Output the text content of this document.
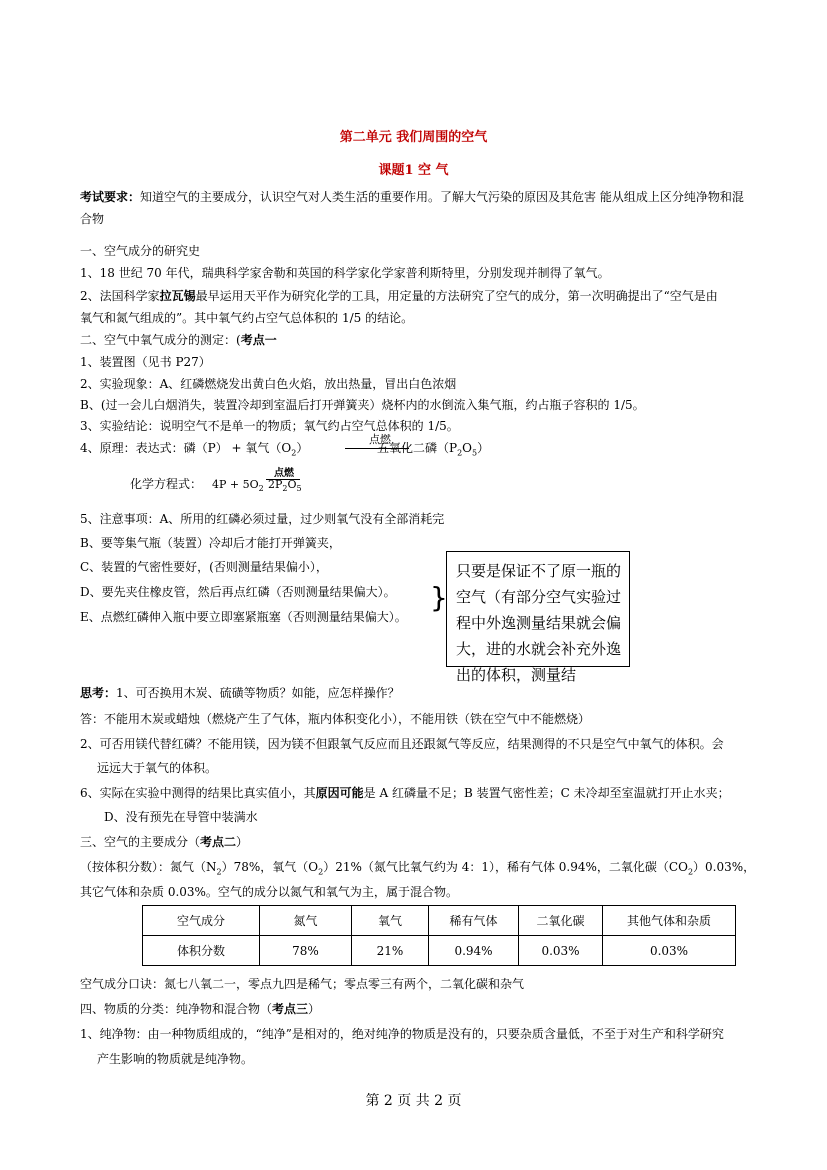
第二单元 我们周围的空气
课题1 空 气
考试要求：知道空气的主要成分，认识空气对人类生活的重要作用。了解大气污染的原因及其危害 能从组成上区分纯净物和混合物
一、空气成分的研究史
1、18 世纪 70 年代，瑞典科学家舍勒和英国的科学家化学家普利斯特里，分别发现并制得了氧气。
2、法国科学家拉瓦锡最早运用天平作为研究化学的工具，用定量的方法研究了空气的成分，第一次明确提出了“空气是由
氧气和氮气组成的”。其中氧气约占空气总体积的 1/5 的结论。
二、空气中氧气成分的测定：(考点一
1、装置图（见书 P27）
2、实验现象：A、红磷燃烧发出黄白色火焰，放出热量，冒出白色浓烟
B、(过一会儿白烟消失，装置冷却到室温后打开弹簧夹）烧杯内的水倒流入集气瓶，约占瓶子容积的 1/5。
3、实验结论：说明空气不是单一的物质；氧气约占空气总体积的 1/5。
4、原理：表达式：磷（P） + 氧气$(O_2)$
点燃
五氧化二磷$(P_2O_5)$
化学方程式： $4P + 5O_2$
点燃
$2P_2O_5$
5、注意事项：A、所用的红磷必须过量，过少则氧气没有全部消耗完
B、要等集气瓶（装置）冷却后才能打开弹簧夹，
C、装置的气密性要好，(否则测量结果偏小），
D、要先夹住橡皮管，然后再点红磷（否则测量结果偏大）。
E、点燃红磷伸入瓶中要立即塞紧瓶塞（否则测量结果偏大）。
}
只要是保证不了原一瓶的空气（有部分空气实验过程中外逸测量结果就会偏大，进的水就会补充外逸出的体积，测量结
思考：1、可否换用木炭、硫磺等物质？如能，应怎样操作？
答：不能用木炭或蜡烛（燃烧产生了气体，瓶内体积变化小），不能用铁（铁在空气中不能燃烧）
2、可否用镁代替红磷？不能用镁，因为镁不但跟氧气反应而且还跟氮气等反应，结果测得的不只是空气中氧气的体积。会
远远大于氧气的体积。
6、实际在实验中测得的结果比真实值小，其原因可能是 A 红磷量不足；B 装置气密性差；C 未冷却至室温就打开止水夹；
D、没有预先在导管中装满水
三、空气的主要成分（考点二）
（按体积分数）：氮气$(N_2)78\%$，氧气$(O_2)21\%$（氮气比氧气约为 4：1），稀有气体 0.94%，二氧化碳$(CO_2)0.03\%$，
其它气体和杂质 0.03%。空气的成分以氮气和氧气为主，属于混合物。
空气成分	氮气	氧气	稀有气体	二氧化碳	其他气体和杂质
体积分数	78%	21%	0.94%	0.03%	0.03%
空气成分口诀：氮七八氧二一，零点九四是稀气；零点零三有两个，二氧化碳和杂气
四、物质的分类：纯净物和混合物（考点三）
1、纯净物：由一种物质组成的，“纯净”是相对的，绝对纯净的物质是没有的，只要杂质含量低，不至于对生产和科学研究
产生影响的物质就是纯净物。
第 2 页 共 2 页
